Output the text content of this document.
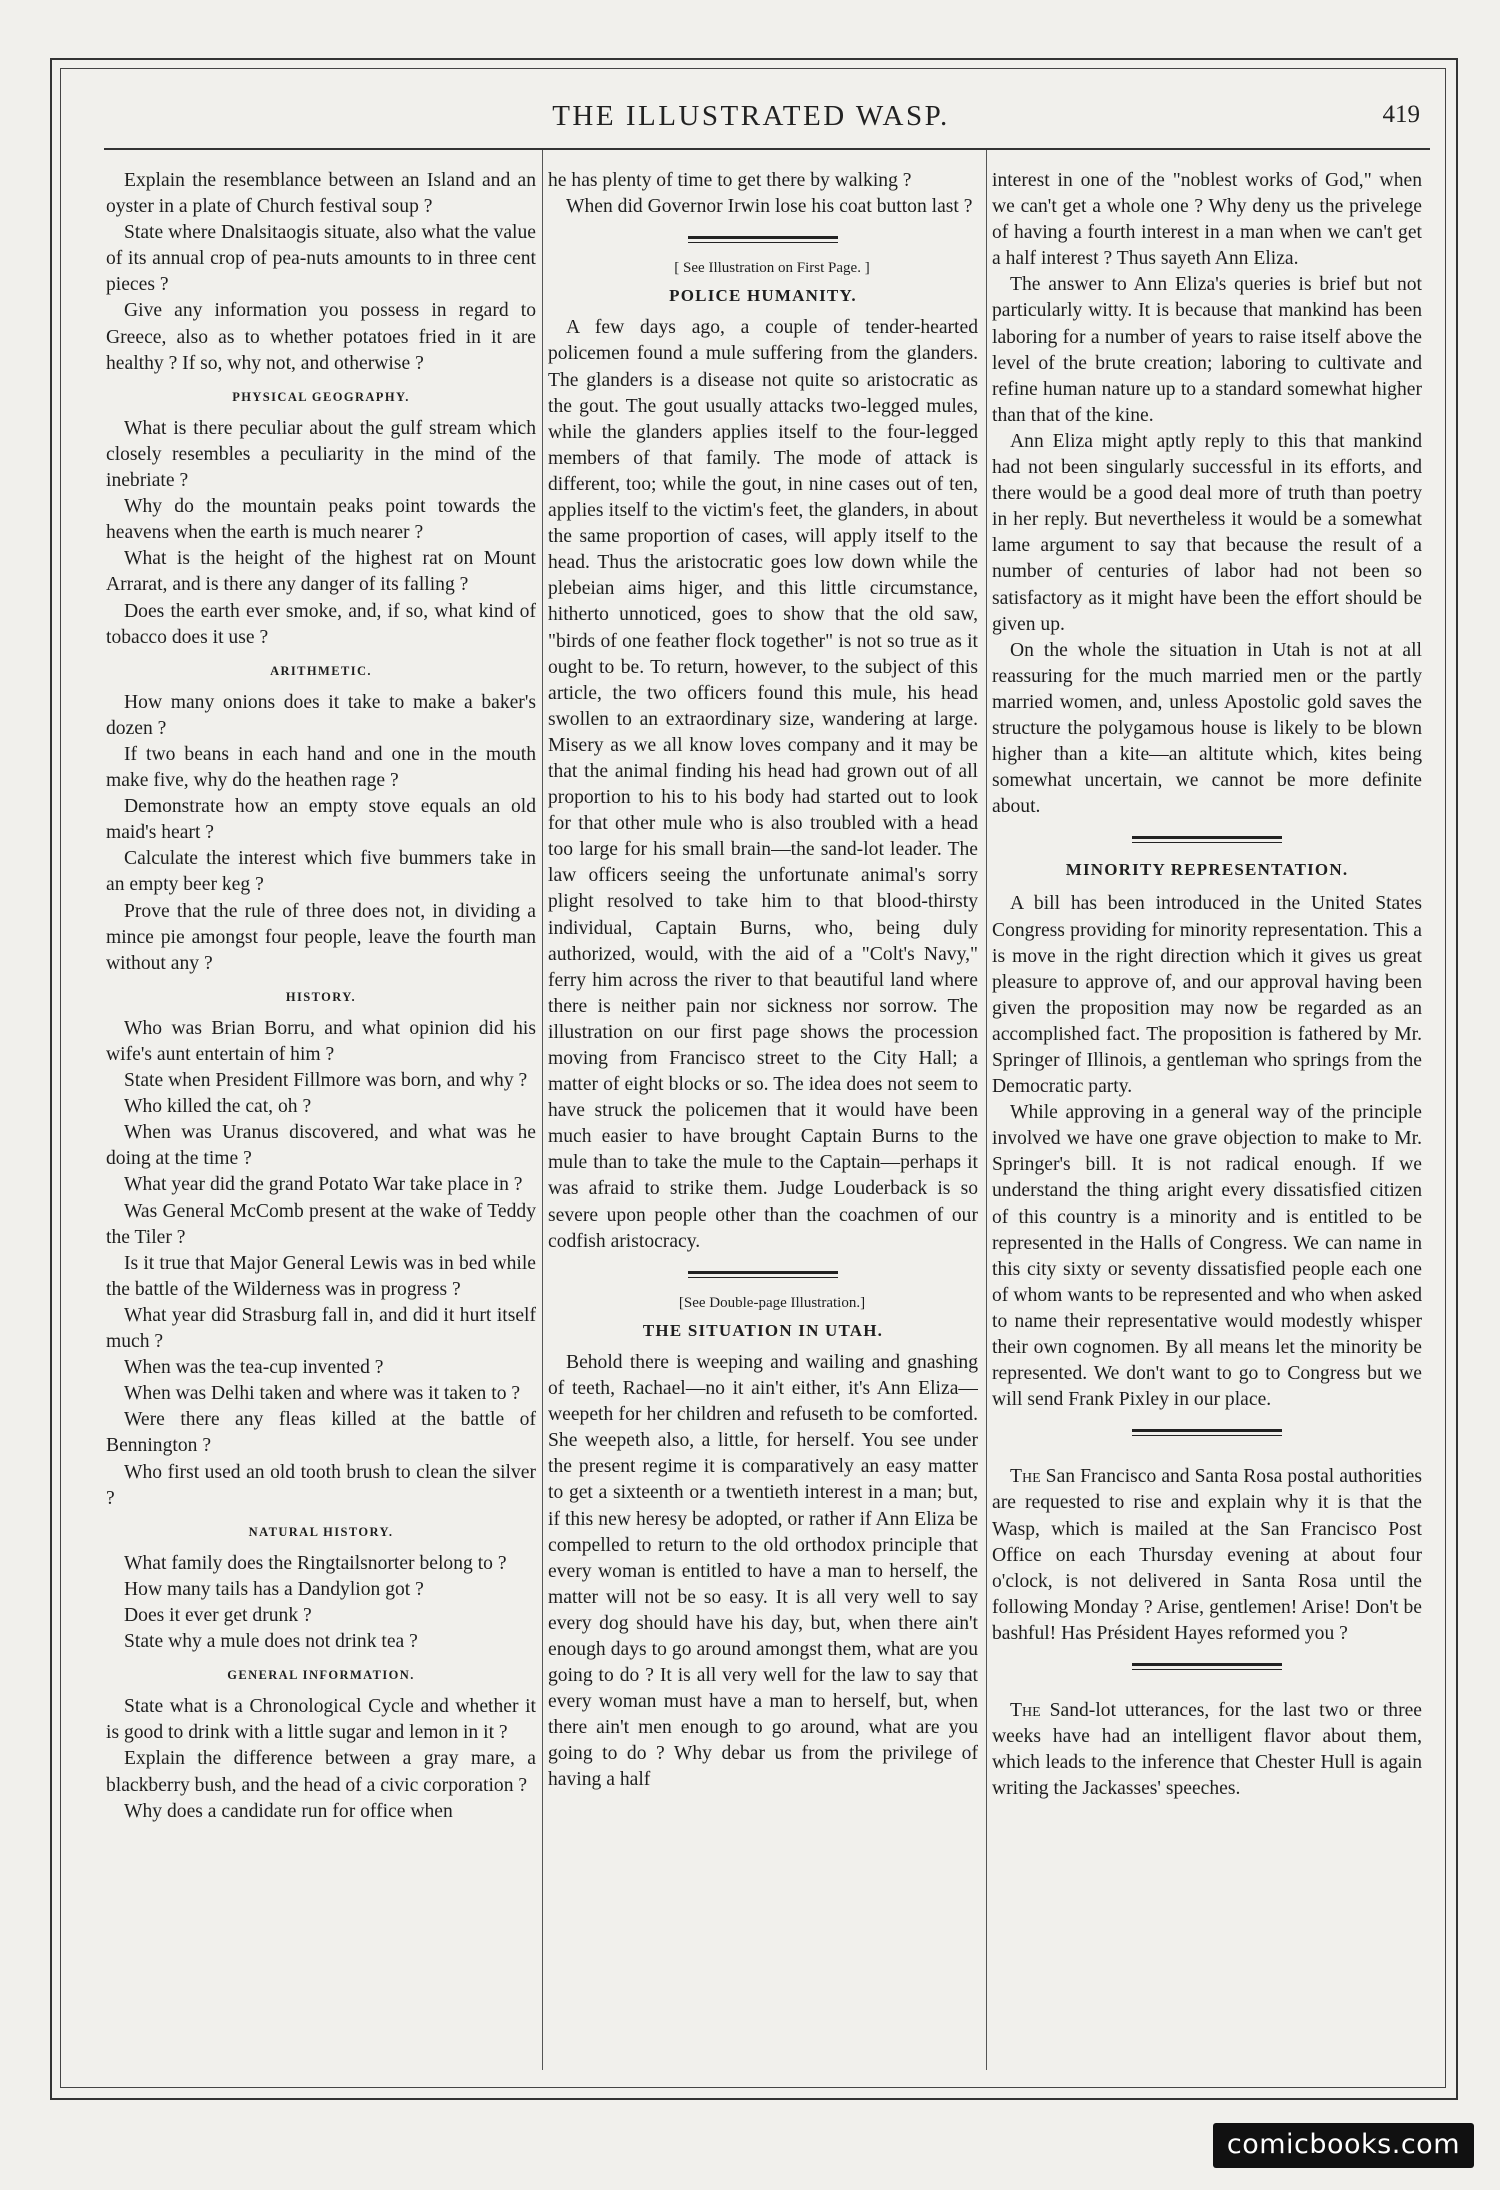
THE ILLUSTRATED WASP.	419

Explain the resemblance between an Island and an oyster in a plate of Church festival soup ?

State where Dnalsitaogis situate, also what the value of its annual crop of pea-nuts amounts to in three cent pieces ?

Give any information you possess in regard to Greece, also as to whether potatoes fried in it are healthy ? If so, why not, and otherwise ?

PHYSICAL GEOGRAPHY.

What is there peculiar about the gulf stream which closely resembles a peculiarity in the mind of the inebriate ?

Why do the mountain peaks point towards the heavens when the earth is much nearer ?

What is the height of the highest rat on Mount Arrarat, and is there any danger of its falling ?

Does the earth ever smoke, and, if so, what kind of tobacco does it use ?

ARITHMETIC.

How many onions does it take to make a baker's dozen ?

If two beans in each hand and one in the mouth make five, why do the heathen rage ?

Demonstrate how an empty stove equals an old maid's heart ?

Calculate the interest which five bummers take in an empty beer keg ?

Prove that the rule of three does not, in dividing a mince pie amongst four people, leave the fourth man without any ?

HISTORY.

Who was Brian Borru, and what opinion did his wife's aunt entertain of him ?

State when President Fillmore was born, and why ?

Who killed the cat, oh ?

When was Uranus discovered, and what was he doing at the time ?

What year did the grand Potato War take place in ?

Was General McComb present at the wake of Teddy the Tiler ?

Is it true that Major General Lewis was in bed while the battle of the Wilderness was in progress ?

What year did Strasburg fall in, and did it hurt itself much ?

When was the tea-cup invented ?

When was Delhi taken and where was it taken to ?

Were there any fleas killed at the battle of Bennington ?

Who first used an old tooth brush to clean the silver ?

NATURAL HISTORY.

What family does the Ringtailsnorter belong to ?

How many tails has a Dandylion got ?

Does it ever get drunk ?

State why a mule does not drink tea ?

GENERAL INFORMATION.

State what is a Chronological Cycle and whether it is good to drink with a little sugar and lemon in it ?

Explain the difference between a gray mare, a blackberry bush, and the head of a civic corporation ?

Why does a candidate run for office when

he has plenty of time to get there by walking ?

When did Governor Irwin lose his coat button last ?

[ See Illustration on First Page. ]

POLICE HUMANITY.

A few days ago, a couple of tender-hearted policemen found a mule suffering from the glanders. The glanders is a disease not quite so aristocratic as the gout. The gout usually attacks two-legged mules, while the glanders applies itself to the four-legged members of that family. The mode of attack is different, too; while the gout, in nine cases out of ten, applies itself to the victim's feet, the glanders, in about the same proportion of cases, will apply itself to the head. Thus the aristocratic goes low down while the plebeian aims higer, and this little circumstance, hitherto unnoticed, goes to show that the old saw, "birds of one feather flock together" is not so true as it ought to be. To return, however, to the subject of this article, the two officers found this mule, his head swollen to an extraordinary size, wandering at large. Misery as we all know loves company and it may be that the animal finding his head had grown out of all proportion to his to his body had started out to look for that other mule who is also troubled with a head too large for his small brain—the sand-lot leader. The law officers seeing the unfortunate animal's sorry plight resolved to take him to that blood-thirsty individual, Captain Burns, who, being duly authorized, would, with the aid of a "Colt's Navy," ferry him across the river to that beautiful land where there is neither pain nor sickness nor sorrow. The illustration on our first page shows the procession moving from Francisco street to the City Hall; a matter of eight blocks or so. The idea does not seem to have struck the policemen that it would have been much easier to have brought Captain Burns to the mule than to take the mule to the Captain—perhaps it was afraid to strike them. Judge Louderback is so severe upon people other than the coachmen of our codfish aristocracy.

[See Double-page Illustration.]

THE SITUATION IN UTAH.

Behold there is weeping and wailing and gnashing of teeth, Rachael—no it ain't either, it's Ann Eliza—weepeth for her children and refuseth to be comforted. She weepeth also, a little, for herself. You see under the present regime it is comparatively an easy matter to get a sixteenth or a twentieth interest in a man; but, if this new heresy be adopted, or rather if Ann Eliza be compelled to return to the old orthodox principle that every woman is entitled to have a man to herself, the matter will not be so easy. It is all very well to say every dog should have his day, but, when there ain't enough days to go around amongst them, what are you going to do ? It is all very well for the law to say that every woman must have a man to herself, but, when there ain't men enough to go around, what are you going to do ? Why debar us from the privilege of having a half

interest in one of the "noblest works of God," when we can't get a whole one ? Why deny us the privelege of having a fourth interest in a man when we can't get a half interest ? Thus sayeth Ann Eliza.

The answer to Ann Eliza's queries is brief but not particularly witty. It is because that mankind has been laboring for a number of years to raise itself above the level of the brute creation; laboring to cultivate and refine human nature up to a standard somewhat higher than that of the kine.

Ann Eliza might aptly reply to this that mankind had not been singularly successful in its efforts, and there would be a good deal more of truth than poetry in her reply. But nevertheless it would be a somewhat lame argument to say that because the result of a number of centuries of labor had not been so satisfactory as it might have been the effort should be given up.

On the whole the situation in Utah is not at all reassuring for the much married men or the partly married women, and, unless Apostolic gold saves the structure the polygamous house is likely to be blown higher than a kite—an altitute which, kites being somewhat uncertain, we cannot be more definite about.

MINORITY REPRESENTATION.

A bill has been introduced in the United States Congress providing for minority representation. This a is move in the right direction which it gives us great pleasure to approve of, and our approval having been given the proposition may now be regarded as an accomplished fact. The proposition is fathered by Mr. Springer of Illinois, a gentleman who springs from the Democratic party.

While approving in a general way of the principle involved we have one grave objection to make to Mr. Springer's bill. It is not radical enough. If we understand the thing aright every dissatisfied citizen of this country is a minority and is entitled to be represented in the Halls of Congress. We can name in this city sixty or seventy dissatisfied people each one of whom wants to be represented and who when asked to name their representative would modestly whisper their own cognomen. By all means let the minority be represented. We don't want to go to Congress but we will send Frank Pixley in our place.

The San Francisco and Santa Rosa postal authorities are requested to rise and explain why it is that the Wasp, which is mailed at the San Francisco Post Office on each Thursday evening at about four o'clock, is not delivered in Santa Rosa until the following Monday ? Arise, gentlemen! Arise! Don't be bashful! Has Président Hayes reformed you ?

The Sand-lot utterances, for the last two or three weeks have had an intelligent flavor about them, which leads to the inference that Chester Hull is again writing the Jackasses' speeches.

comicbooks.com
